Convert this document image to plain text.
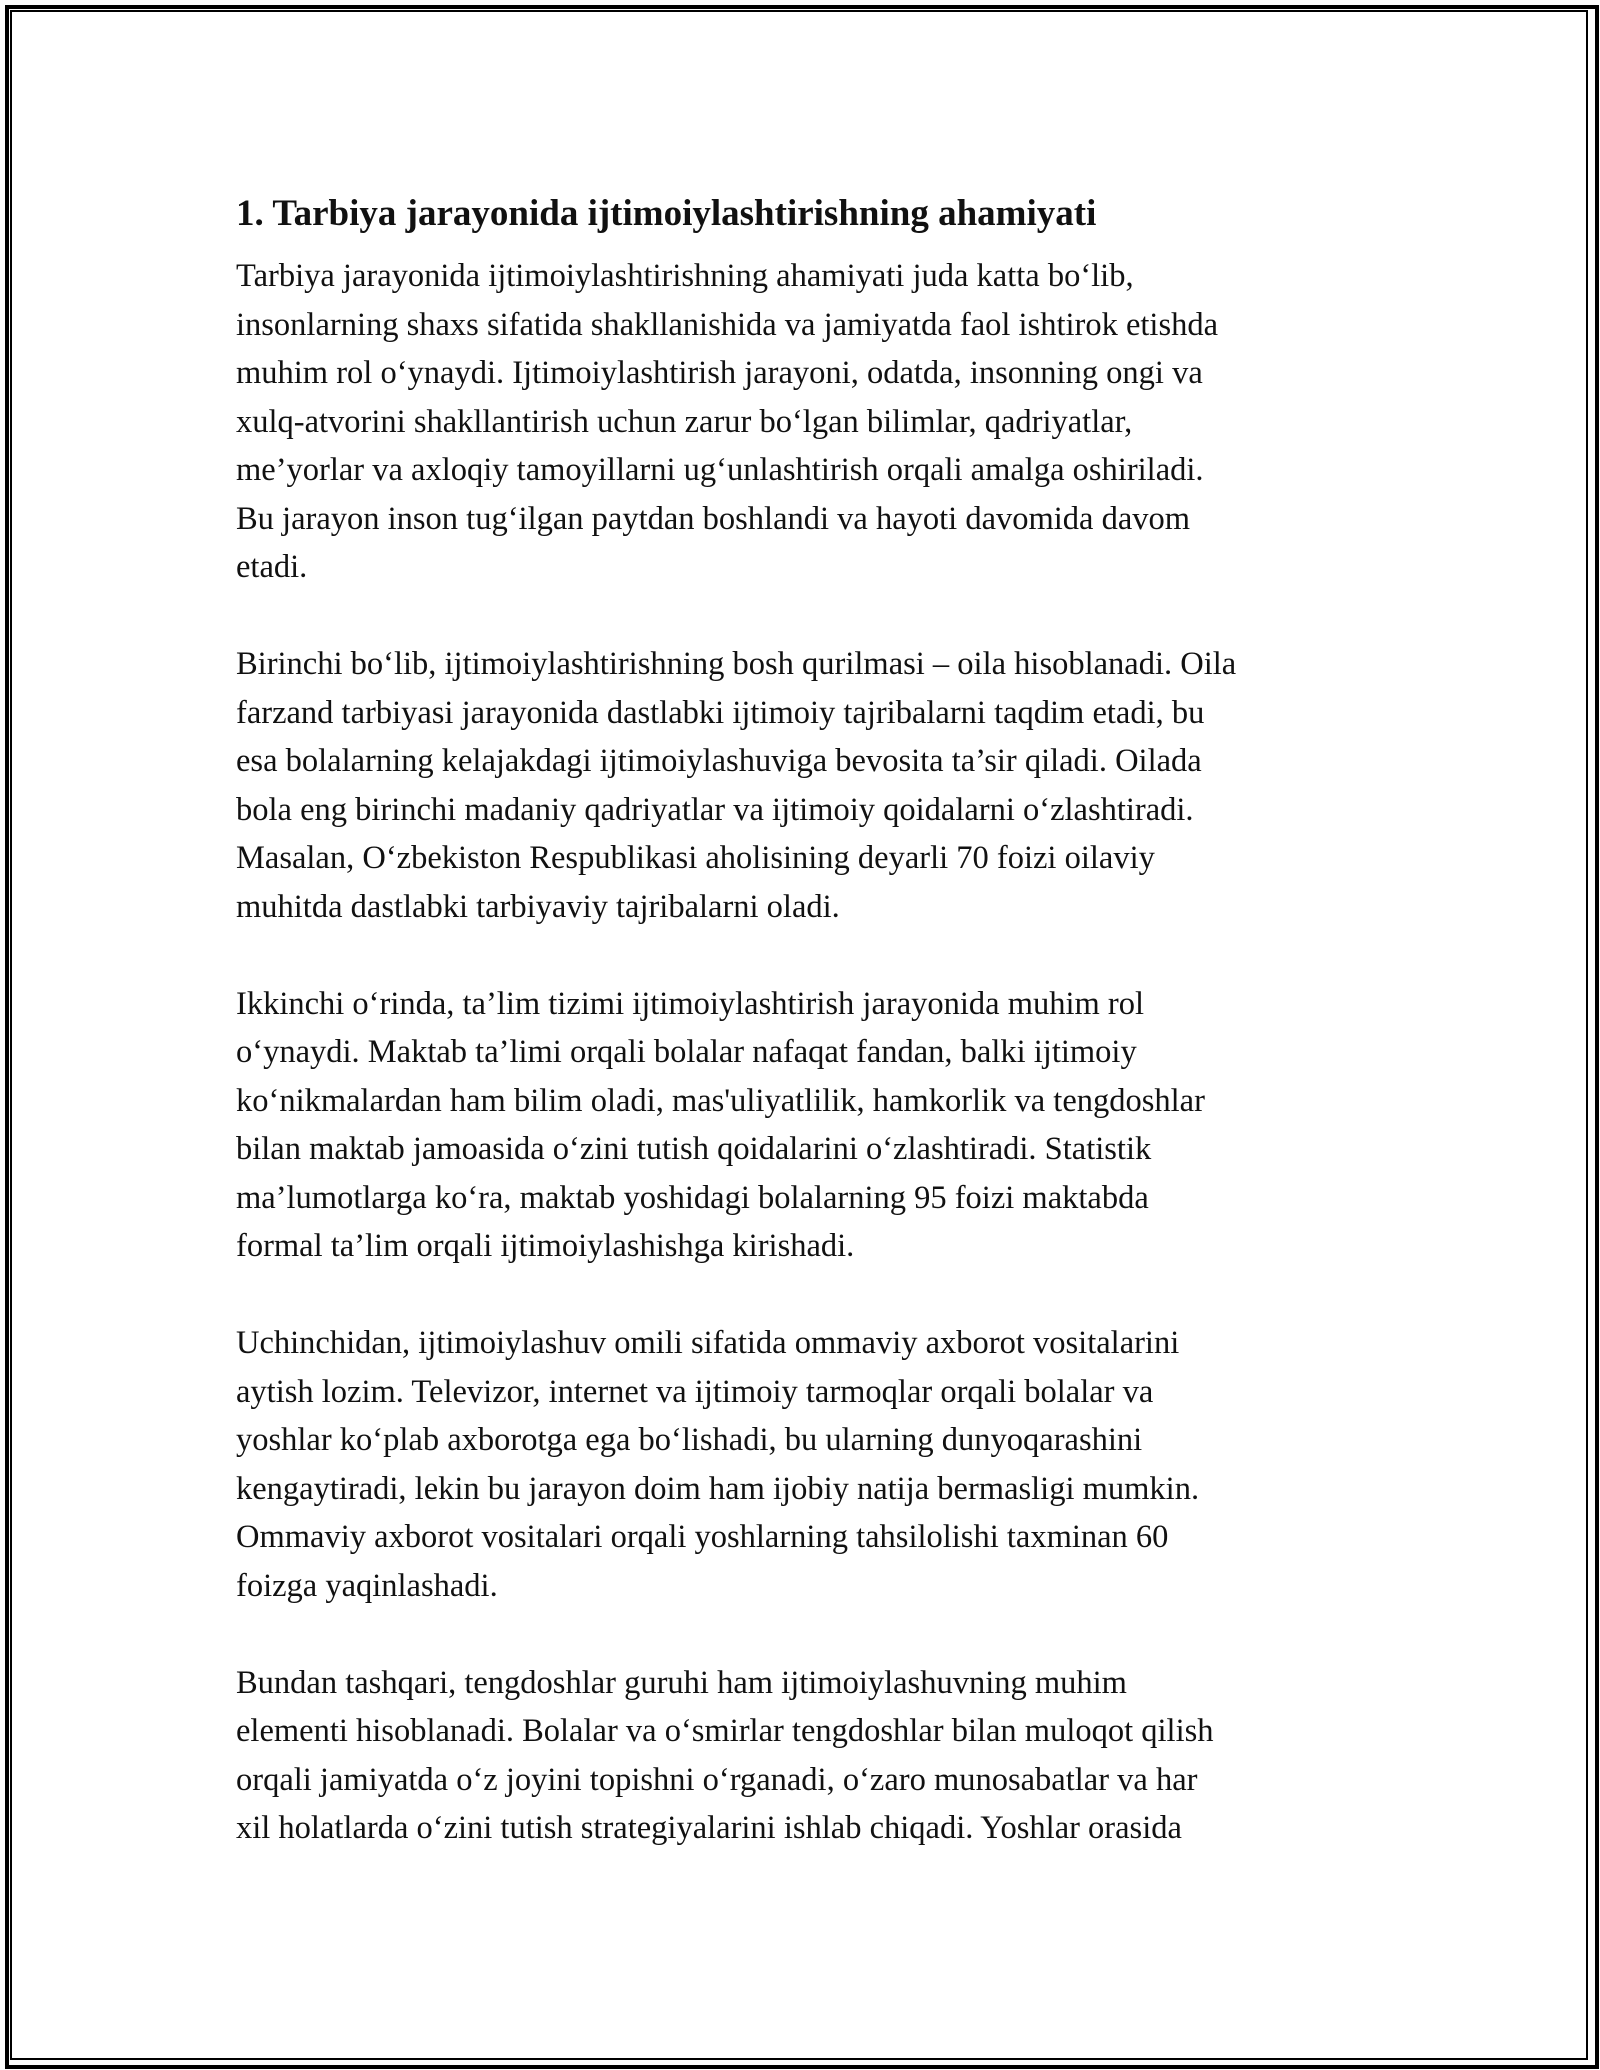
1. Tarbiya jarayonida ijtimoiylashtirishning ahamiyati
Tarbiya jarayonida ijtimoiylashtirishning ahamiyati juda katta bo‘lib,
insonlarning shaxs sifatida shakllanishida va jamiyatda faol ishtirok etishda
muhim rol o‘ynaydi. Ijtimoiylashtirish jarayoni, odatda, insonning ongi va
xulq-atvorini shakllantirish uchun zarur bo‘lgan bilimlar, qadriyatlar,
me’yorlar va axloqiy tamoyillarni ug‘unlashtirish orqali amalga oshiriladi.
Bu jarayon inson tug‘ilgan paytdan boshlandi va hayoti davomida davom
etadi.
Birinchi bo‘lib, ijtimoiylashtirishning bosh qurilmasi – oila hisoblanadi. Oila
farzand tarbiyasi jarayonida dastlabki ijtimoiy tajribalarni taqdim etadi, bu
esa bolalarning kelajakdagi ijtimoiylashuviga bevosita ta’sir qiladi. Oilada
bola eng birinchi madaniy qadriyatlar va ijtimoiy qoidalarni o‘zlashtiradi.
Masalan, O‘zbekiston Respublikasi aholisining deyarli 70 foizi oilaviy
muhitda dastlabki tarbiyaviy tajribalarni oladi.
Ikkinchi o‘rinda, ta’lim tizimi ijtimoiylashtirish jarayonida muhim rol
o‘ynaydi. Maktab ta’limi orqali bolalar nafaqat fandan, balki ijtimoiy
ko‘nikmalardan ham bilim oladi, mas'uliyatlilik, hamkorlik va tengdoshlar
bilan maktab jamoasida o‘zini tutish qoidalarini o‘zlashtiradi. Statistik
ma’lumotlarga ko‘ra, maktab yoshidagi bolalarning 95 foizi maktabda
formal ta’lim orqali ijtimoiylashishga kirishadi.
Uchinchidan, ijtimoiylashuv omili sifatida ommaviy axborot vositalarini
aytish lozim. Televizor, internet va ijtimoiy tarmoqlar orqali bolalar va
yoshlar ko‘plab axborotga ega bo‘lishadi, bu ularning dunyoqarashini
kengaytiradi, lekin bu jarayon doim ham ijobiy natija bermasligi mumkin.
Ommaviy axborot vositalari orqali yoshlarning tahsilolishi taxminan 60
foizga yaqinlashadi.
Bundan tashqari, tengdoshlar guruhi ham ijtimoiylashuvning muhim
elementi hisoblanadi. Bolalar va o‘smirlar tengdoshlar bilan muloqot qilish
orqali jamiyatda o‘z joyini topishni o‘rganadi, o‘zaro munosabatlar va har
xil holatlarda o‘zini tutish strategiyalarini ishlab chiqadi. Yoshlar orasida
